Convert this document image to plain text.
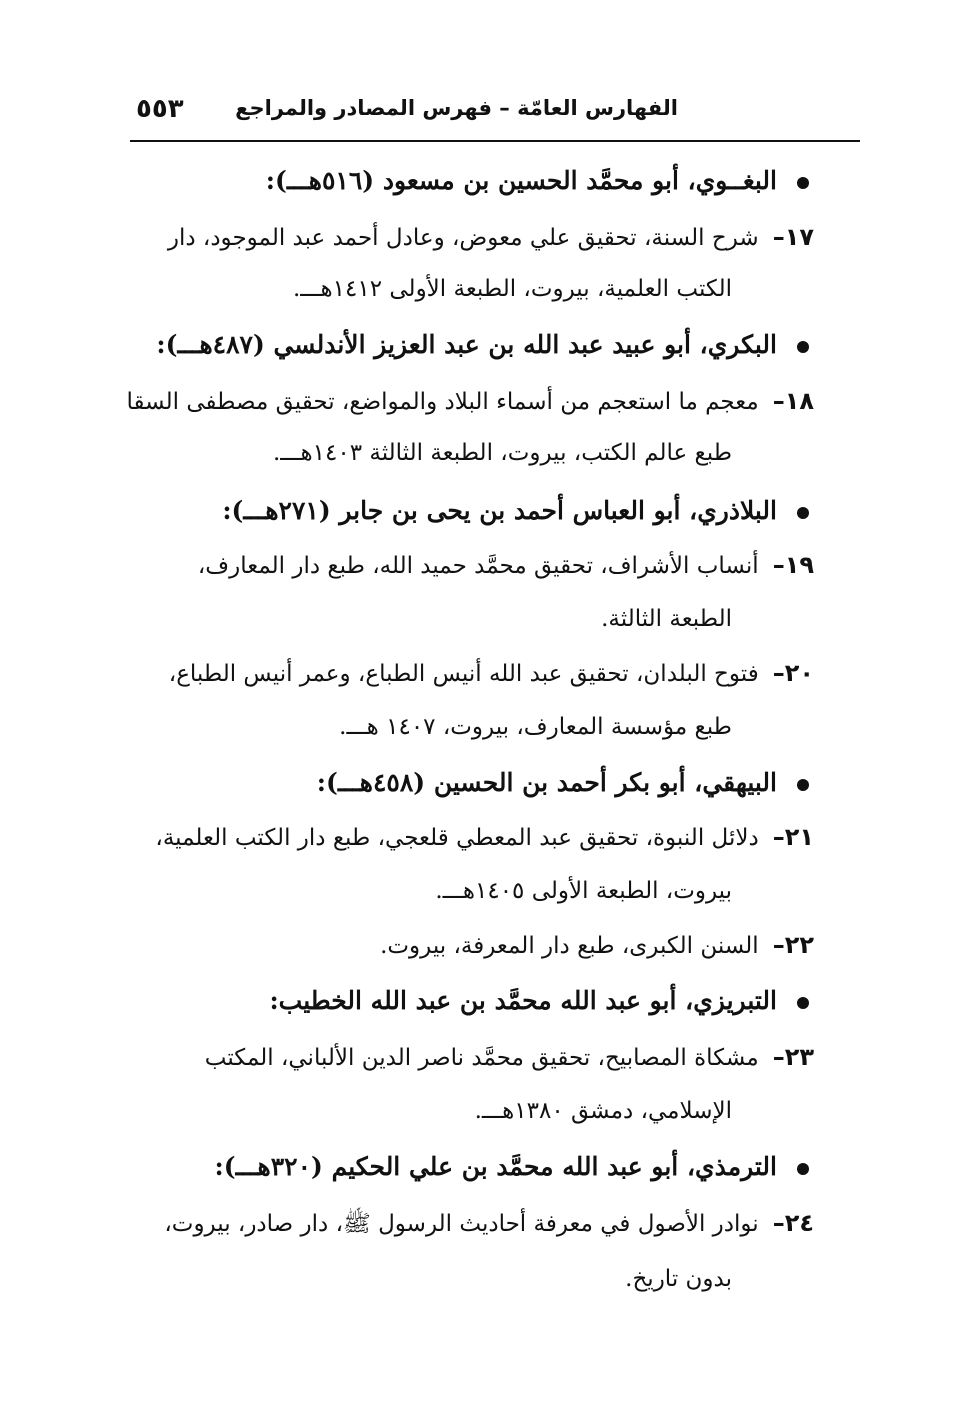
الفهارس العامّة – فهرس المصادر والمراجع
٥٥٣
البغــوي، أبو محمَّد الحسين بن مسعود (٥١٦هـــ):
١٧–شرح السنة، تحقيق علي معوض، وعادل أحمد عبد الموجود، دار
الكتب العلمية، بيروت، الطبعة الأولى ١٤١٢هـــ.
البكري، أبو عبيد عبد الله بن عبد العزيز الأندلسي (٤٨٧هـــ):
١٨–معجم ما استعجم من أسماء البلاد والمواضع، تحقيق مصطفى السقا
طبع عالم الكتب، بيروت، الطبعة الثالثة ١٤٠٣هـــ.
البلاذري، أبو العباس أحمد بن يحى بن جابر (٢٧١هـــ):
١٩–أنساب الأشراف، تحقيق محمَّد حميد الله، طبع دار المعارف،
الطبعة الثالثة.
٢٠–فتوح البلدان، تحقيق عبد الله أنيس الطباع، وعمر أنيس الطباع،
طبع مؤسسة المعارف، بيروت، ١٤٠٧ هـــ.
البيهقي، أبو بكر أحمد بن الحسين (٤٥٨هـــ):
٢١–دلائل النبوة، تحقيق عبد المعطي قلعجي، طبع دار الكتب العلمية،
بيروت، الطبعة الأولى ١٤٠٥هـــ.
٢٢–السنن الكبرى، طبع دار المعرفة، بيروت.
التبريزي، أبو عبد الله محمَّد بن عبد الله الخطيب:
٢٣–مشكاة المصابيح، تحقيق محمَّد ناصر الدين الألباني، المكتب
الإسلامي، دمشق ١٣٨٠هـــ.
الترمذي، أبو عبد الله محمَّد بن علي الحكيم (٣٢٠هـــ):
٢٤–نوادر الأصول في معرفة أحاديث الرسول ﷺ، دار صادر، بيروت،
بدون تاريخ.
